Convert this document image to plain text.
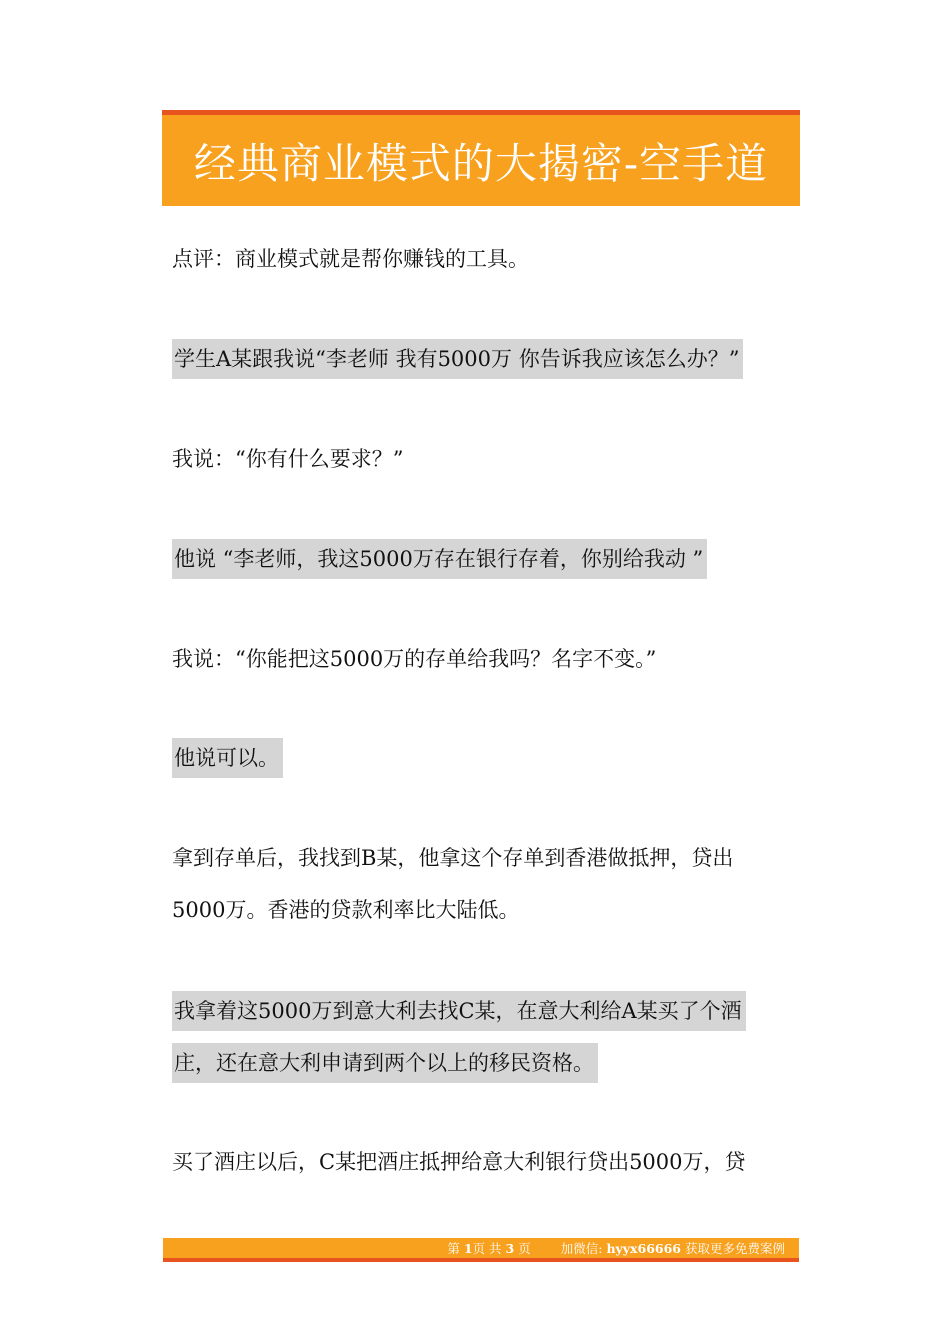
经典商业模式的大揭密-空手道
点评：商业模式就是帮你赚钱的工具。
学生A某跟我说“李老师 我有5000万 你告诉我应该怎么办？”
我说：“你有什么要求？”
他说 “李老师，我这5000万存在银行存着，你别给我动 ”
我说：“你能把这5000万的存单给我吗？名字不变。”
他说可以。
拿到存单后，我找到B某，他拿这个存单到香港做抵押，贷出
5000万。香港的贷款利率比大陆低。
我拿着这5000万到意大利去找C某，在意大利给A某买了个酒
庄，还在意大利申请到两个以上的移民资格。
买了酒庄以后，C某把酒庄抵押给意大利银行贷出5000万，贷
第 1页 共 3 页 加微信: hyyx66666 获取更多免费案例
